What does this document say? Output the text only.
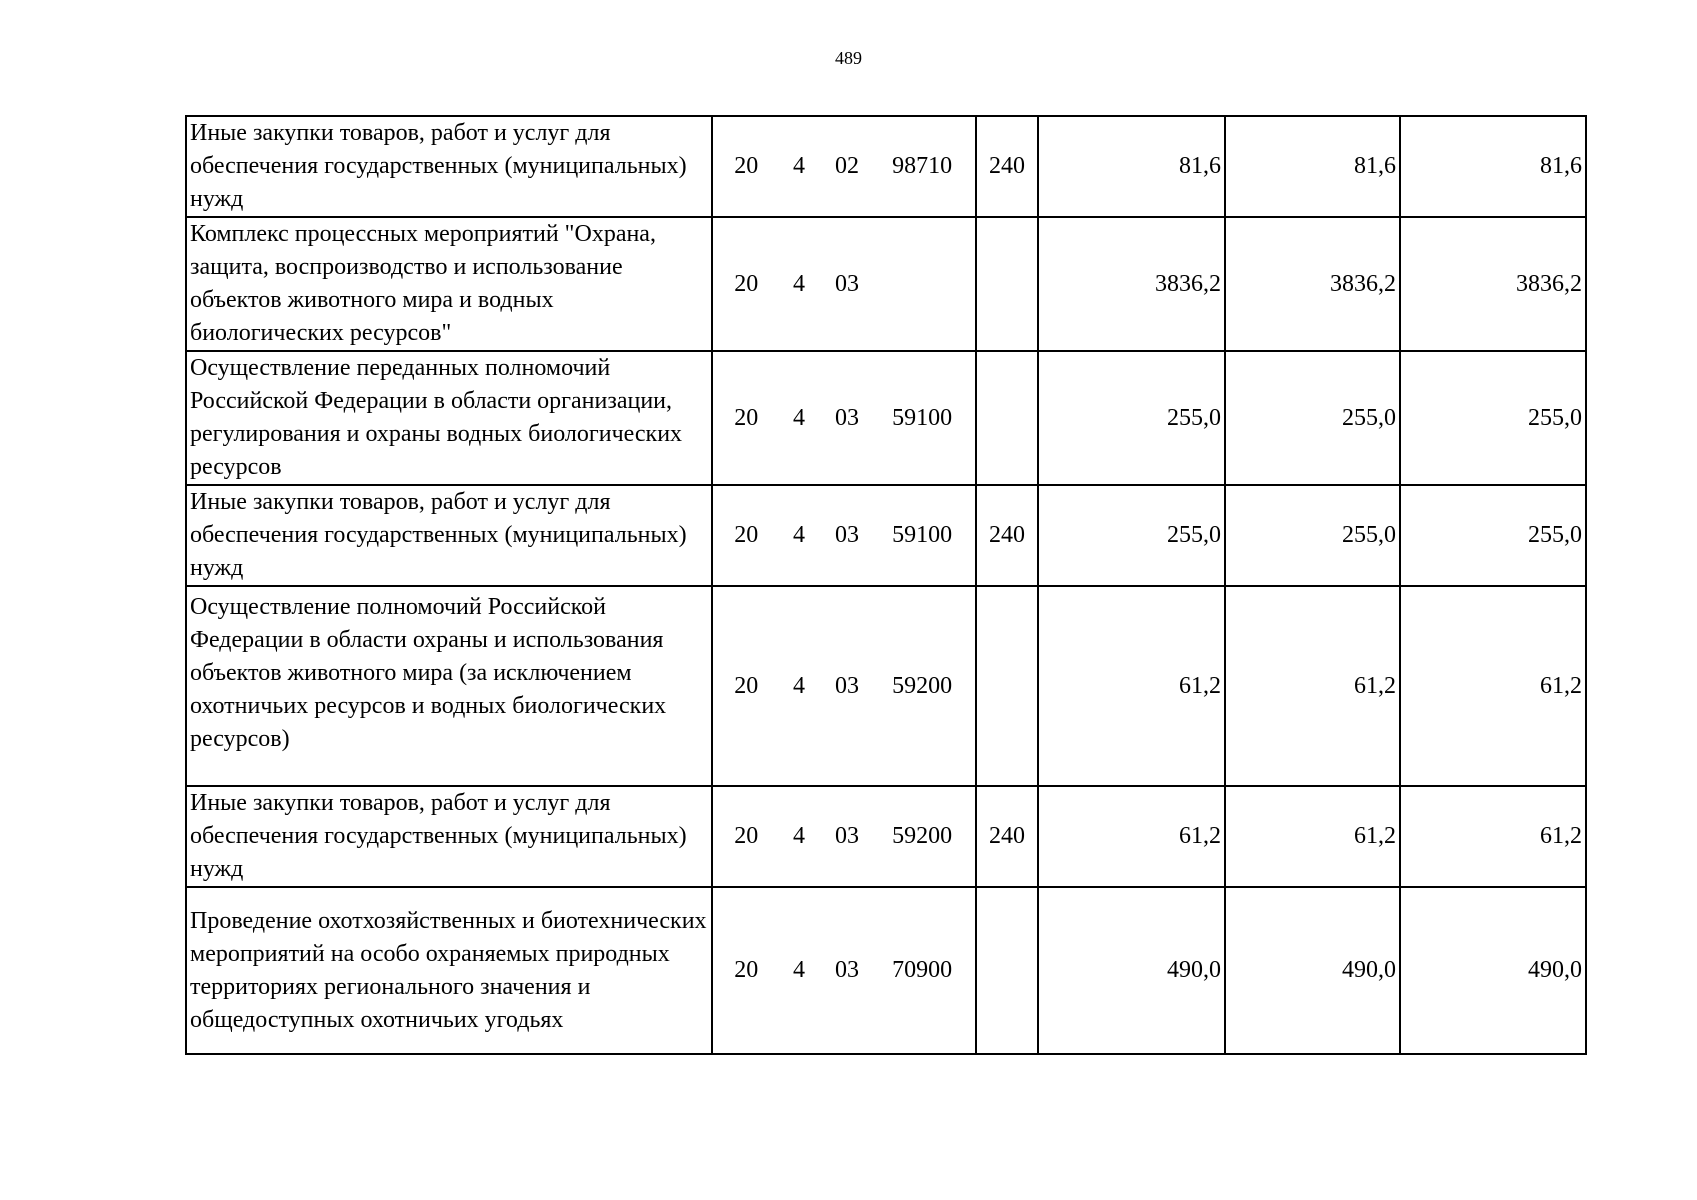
489
Иные закупки товаров, работ и услуг для обеспечения государственных (муниципальных) нужд	20 4 02 98710	240	81,6	81,6	81,6
Комплекс процессных мероприятий "Охрана, защита, воспроизводство и использование объектов животного мира и водных биологических ресурсов"	20 4 03		3836,2	3836,2	3836,2
Осуществление переданных полномочий Российской Федерации в области организации, регулирования и охраны водных биологических ресурсов	20 4 03 59100		255,0	255,0	255,0
Иные закупки товаров, работ и услуг для обеспечения государственных (муниципальных) нужд	20 4 03 59100	240	255,0	255,0	255,0
Осуществление полномочий Российской Федерации в области охраны и использования объектов животного мира (за исключением охотничьих ресурсов и водных биологических ресурсов)	20 4 03 59200		61,2	61,2	61,2
Иные закупки товаров, работ и услуг для обеспечения государственных (муниципальных) нужд	20 4 03 59200	240	61,2	61,2	61,2
Проведение охотхозяйственных и биотехнических мероприятий на особо охраняемых природных территориях регионального значения и общедоступных охотничьих угодьях	20 4 03 70900		490,0	490,0	490,0
